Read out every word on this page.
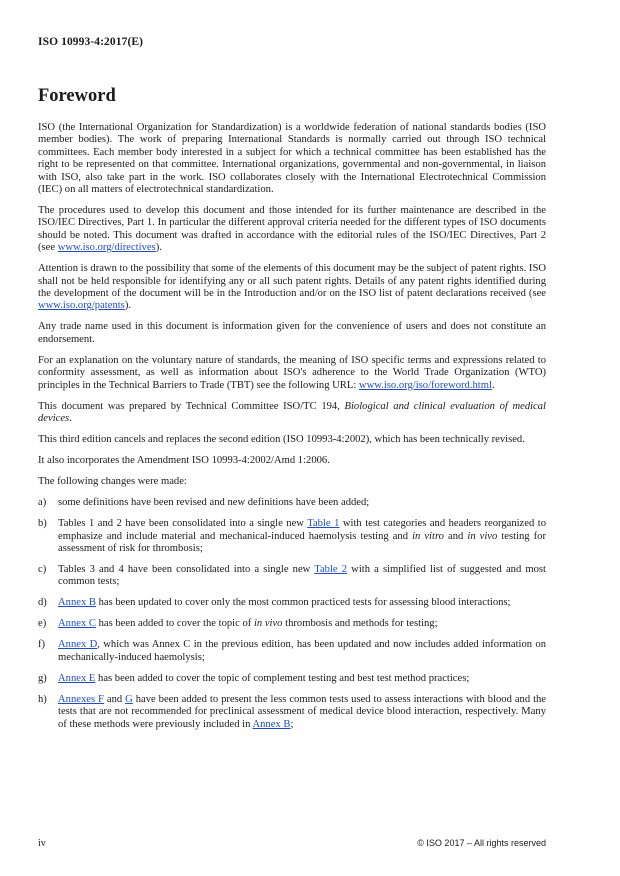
ISO 10993-4:2017(E)
Foreword

ISO (the International Organization for Standardization) is a worldwide federation of national standards bodies (ISO member bodies). The work of preparing International Standards is normally carried out through ISO technical committees. Each member body interested in a subject for which a technical committee has been established has the right to be represented on that committee. International organizations, governmental and non-governmental, in liaison with ISO, also take part in the work. ISO collaborates closely with the International Electrotechnical Commission (IEC) on all matters of electrotechnical standardization.

The procedures used to develop this document and those intended for its further maintenance are described in the ISO/IEC Directives, Part 1. In particular the different approval criteria needed for the different types of ISO documents should be noted. This document was drafted in accordance with the editorial rules of the ISO/IEC Directives, Part 2 (see www.iso.org/directives).

Attention is drawn to the possibility that some of the elements of this document may be the subject of patent rights. ISO shall not be held responsible for identifying any or all such patent rights. Details of any patent rights identified during the development of the document will be in the Introduction and/or on the ISO list of patent declarations received (see www.iso.org/patents).

Any trade name used in this document is information given for the convenience of users and does not constitute an endorsement.

For an explanation on the voluntary nature of standards, the meaning of ISO specific terms and expressions related to conformity assessment, as well as information about ISO's adherence to the World Trade Organization (WTO) principles in the Technical Barriers to Trade (TBT) see the following URL: www.iso.org/iso/foreword.html.

This document was prepared by Technical Committee ISO/TC 194, Biological and clinical evaluation of medical devices.

This third edition cancels and replaces the second edition (ISO 10993-4:2002), which has been technically revised.

It also incorporates the Amendment ISO 10993-4:2002/Amd 1:2006.

The following changes were made:

a)	some definitions have been revised and new definitions have been added;
b)	Tables 1 and 2 have been consolidated into a single new Table 1 with test categories and headers reorganized to emphasize and include material and mechanical-induced haemolysis testing and in vitro and in vivo testing for assessment of risk for thrombosis;
c)	Tables 3 and 4 have been consolidated into a single new Table 2 with a simplified list of suggested and most common tests;
d)	Annex B has been updated to cover only the most common practiced tests for assessing blood interactions;
e)	Annex C has been added to cover the topic of in vivo thrombosis and methods for testing;
f)	Annex D, which was Annex C in the previous edition, has been updated and now includes added information on mechanically-induced haemolysis;
g)	Annex E has been added to cover the topic of complement testing and best test method practices;
h)	Annexes F and G have been added to present the less common tests used to assess interactions with blood and the tests that are not recommended for preclinical assessment of medical device blood interaction, respectively. Many of these methods were previously included in Annex B;
iv	© ISO 2017 – All rights reserved
